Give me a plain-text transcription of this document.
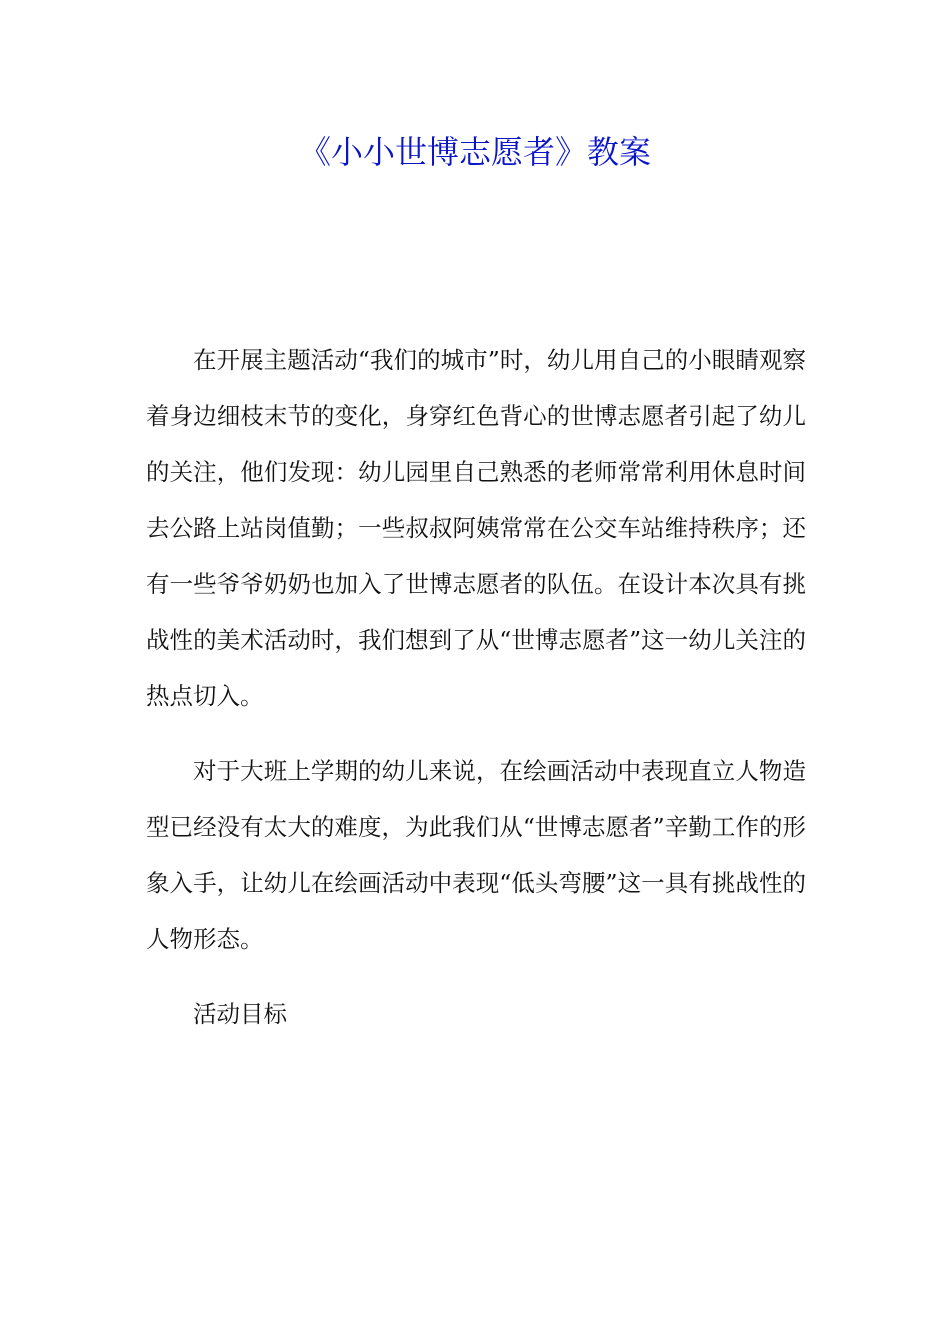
《小小世博志愿者》教案

在开展主题活动“我们的城市”时，幼儿用自己的小眼睛观察着身边细枝末节的变化，身穿红色背心的世博志愿者引起了幼儿的关注，他们发现：幼儿园里自己熟悉的老师常常利用休息时间去公路上站岗值勤；一些叔叔阿姨常常在公交车站维持秩序；还有一些爷爷奶奶也加入了世博志愿者的队伍。在设计本次具有挑战性的美术活动时，我们想到了从“世博志愿者”这一幼儿关注的热点切入。

对于大班上学期的幼儿来说，在绘画活动中表现直立人物造型已经没有太大的难度，为此我们从“世博志愿者”辛勤工作的形象入手，让幼儿在绘画活动中表现“低头弯腰”这一具有挑战性的人物形态。

活动目标
